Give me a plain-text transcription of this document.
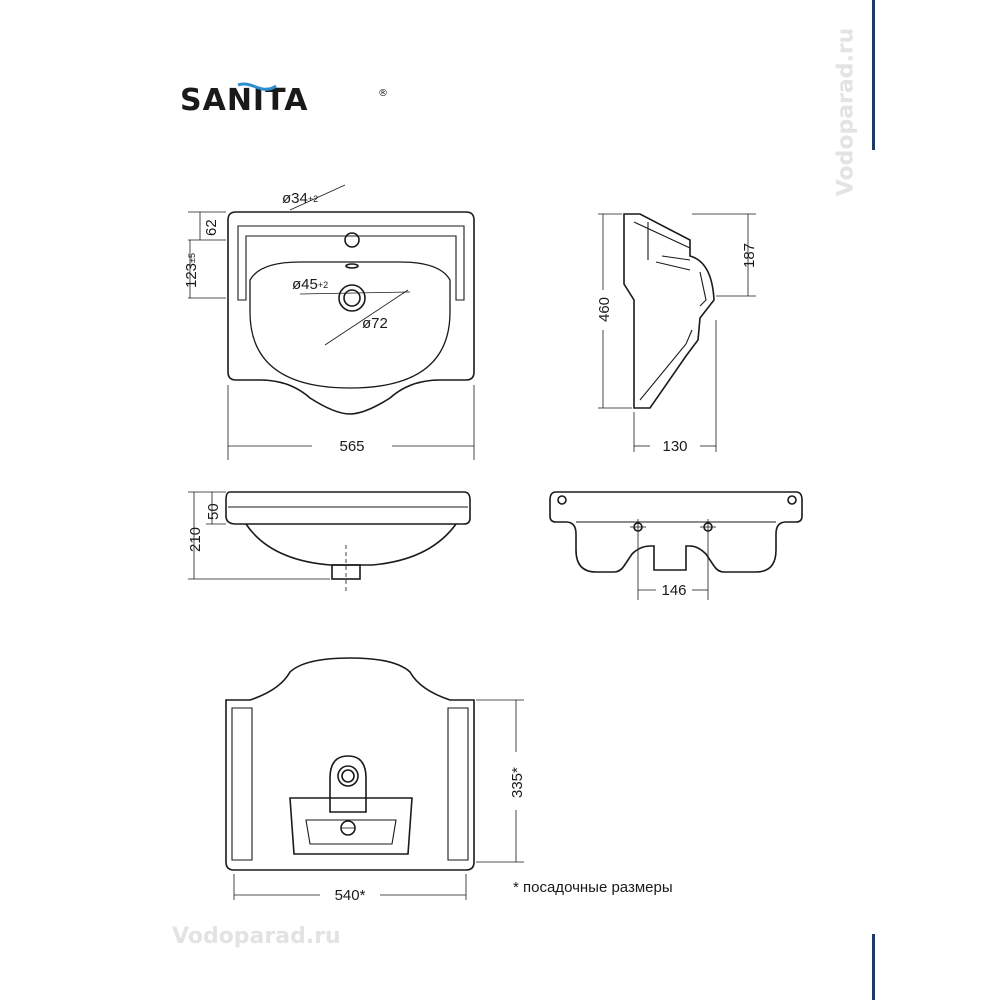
SANITA	®
ø34+2
ø45+2
ø72
62
123±5
565
460
187
130
210
50
146
540*
335*
Vodoparad.ru
Vodoparad.ru
* посадочные размеры
